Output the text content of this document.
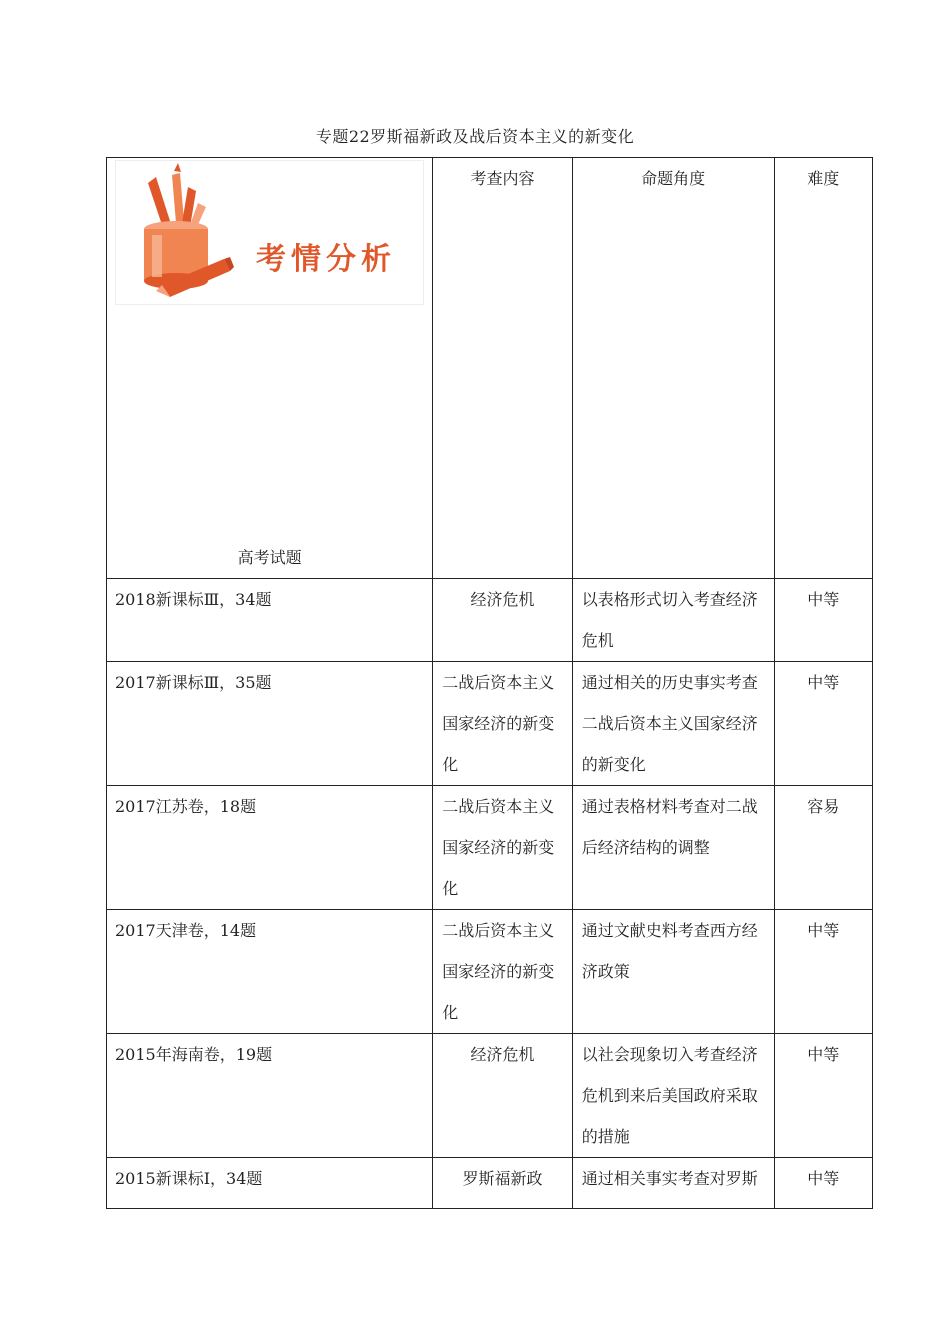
专题22罗斯福新政及战后资本主义的新变化
考情分析
高考试题	考查内容	命题角度	难度
2018新课标Ⅲ，34题	经济危机	以表格形式切入考查经济危机	中等
2017新课标Ⅲ，35题	二战后资本主义国家经济的新变化	通过相关的历史事实考查二战后资本主义国家经济的新变化	中等
2017江苏卷，18题	二战后资本主义国家经济的新变化	通过表格材料考查对二战后经济结构的调整	容易
2017天津卷，14题	二战后资本主义国家经济的新变化	通过文献史料考查西方经济政策	中等
2015年海南卷，19题	经济危机	以社会现象切入考查经济危机到来后美国政府采取的措施	中等
2015新课标Ⅰ，34题	罗斯福新政	通过相关事实考查对罗斯	中等
